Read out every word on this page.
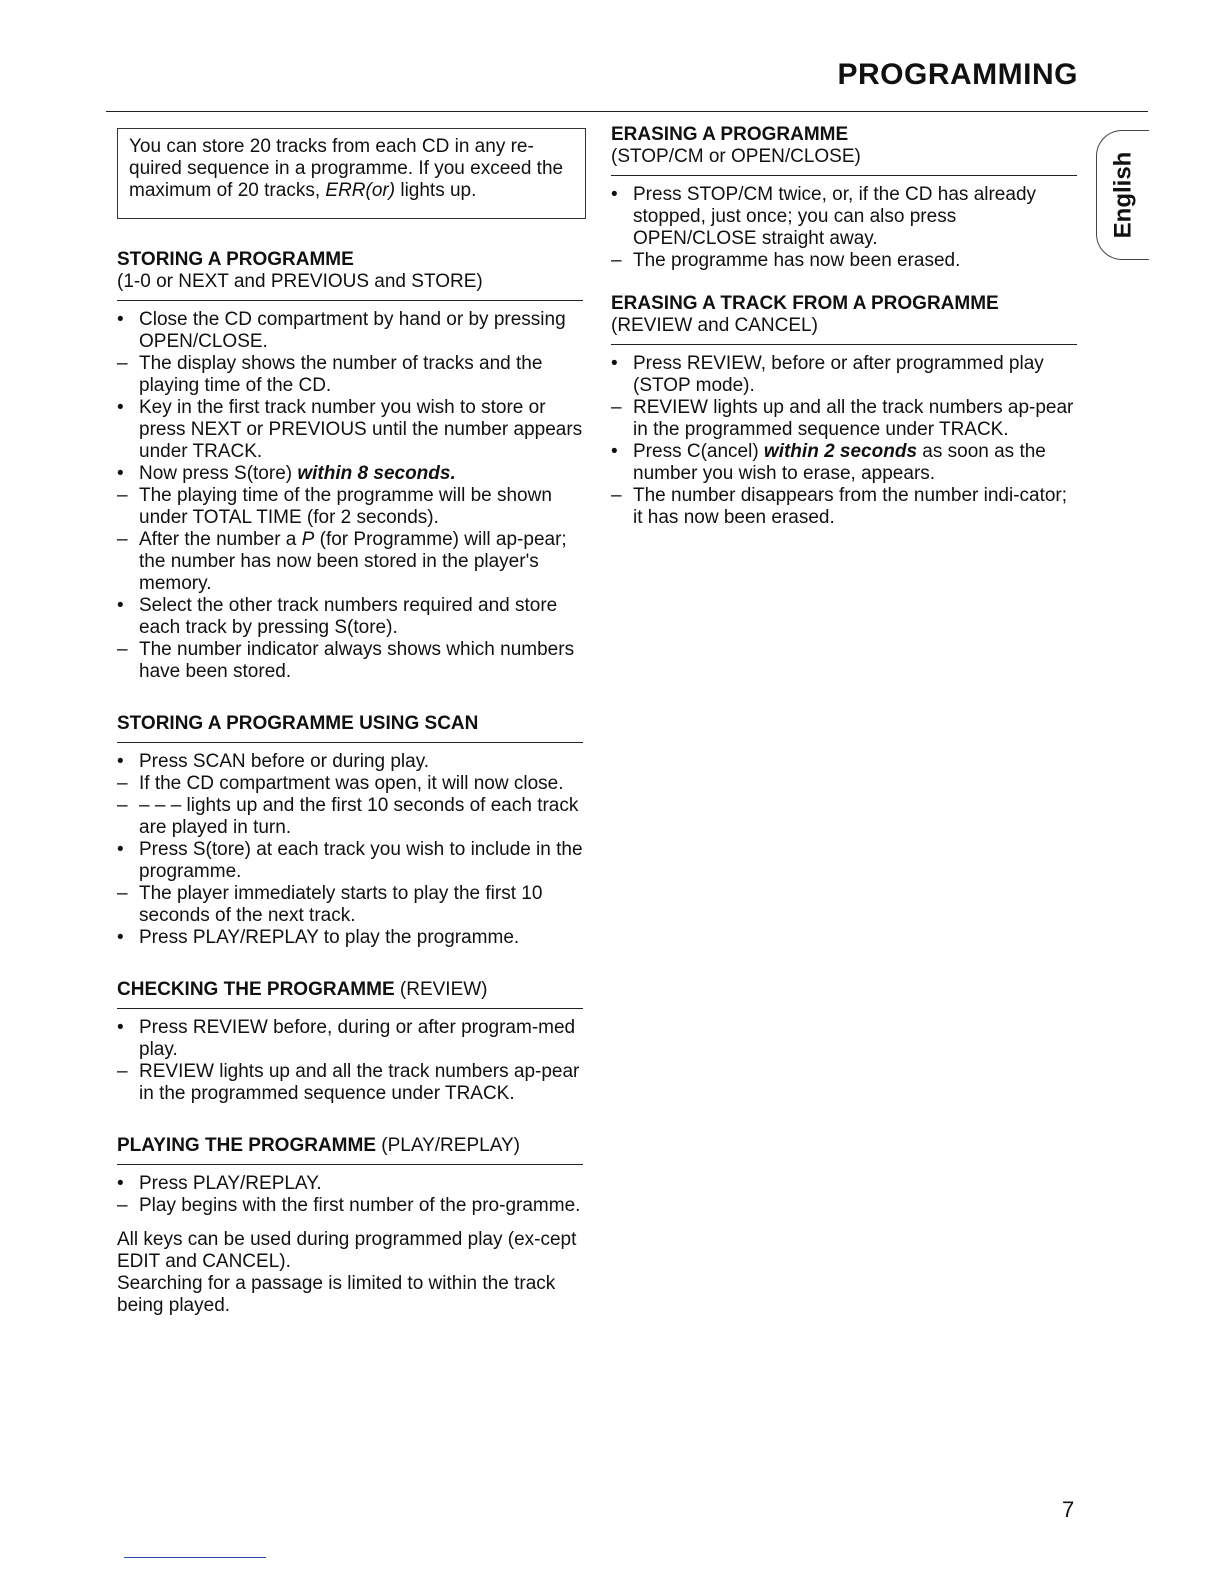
PROGRAMMING
English
You can store 20 tracks from each CD in any re-quired sequence in a programme. If you exceed the maximum of 20 tracks, ERR(or) lights up.
STORING A PROGRAMME
(1-0 or NEXT and PREVIOUS and STORE)
• Close the CD compartment by hand or by pressing OPEN/CLOSE.
– The display shows the number of tracks and the playing time of the CD.
• Key in the first track number you wish to store or press NEXT or PREVIOUS until the number appears under TRACK.
• Now press S(tore) within 8 seconds.
– The playing time of the programme will be shown under TOTAL TIME (for 2 seconds).
– After the number a P (for Programme) will ap-pear; the number has now been stored in the player's memory.
• Select the other track numbers required and store each track by pressing S(tore).
– The number indicator always shows which numbers have been stored.
STORING A PROGRAMME USING SCAN
• Press SCAN before or during play.
– If the CD compartment was open, it will now close.
– – – – lights up and the first 10 seconds of each track are played in turn.
• Press S(tore) at each track you wish to include in the programme.
– The player immediately starts to play the first 10 seconds of the next track.
• Press PLAY/REPLAY to play the programme.
CHECKING THE PROGRAMME (REVIEW)
• Press REVIEW before, during or after program-med play.
– REVIEW lights up and all the track numbers ap-pear in the programmed sequence under TRACK.
PLAYING THE PROGRAMME (PLAY/REPLAY)
• Press PLAY/REPLAY.
– Play begins with the first number of the pro-gramme.
All keys can be used during programmed play (ex-cept EDIT and CANCEL).
Searching for a passage is limited to within the track being played.
ERASING A PROGRAMME
(STOP/CM or OPEN/CLOSE)
• Press STOP/CM twice, or, if the CD has already stopped, just once; you can also press OPEN/CLOSE straight away.
– The programme has now been erased.
ERASING A TRACK FROM A PROGRAMME
(REVIEW and CANCEL)
• Press REVIEW, before or after programmed play (STOP mode).
– REVIEW lights up and all the track numbers ap-pear in the programmed sequence under TRACK.
• Press C(ancel) within 2 seconds as soon as the number you wish to erase, appears.
– The number disappears from the number indi-cator; it has now been erased.
7
